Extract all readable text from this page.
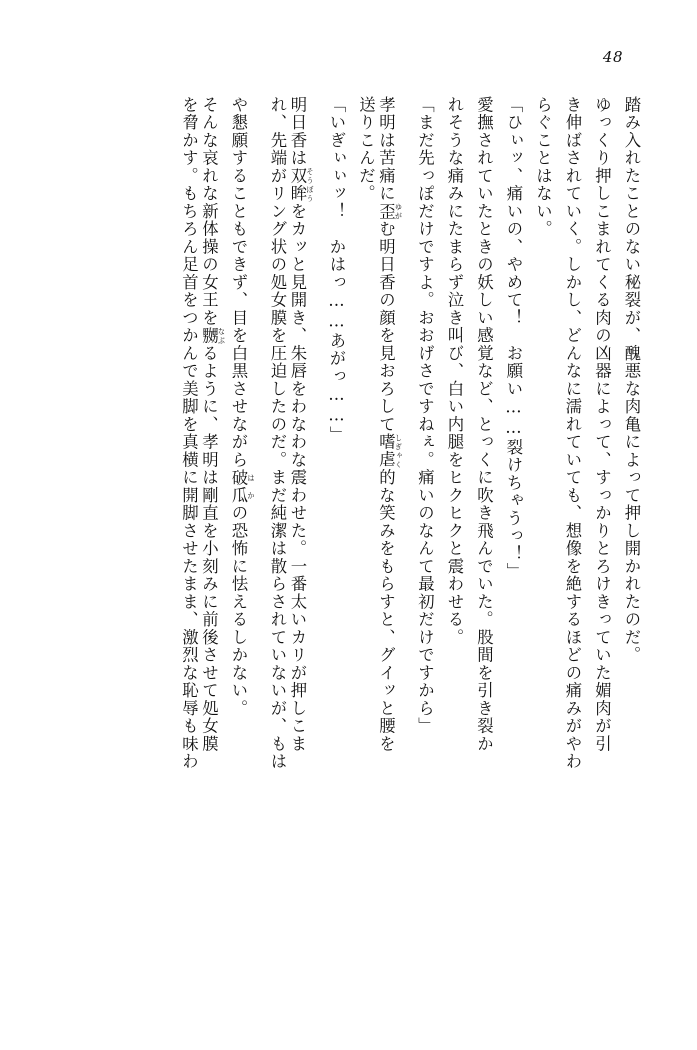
48
踏み入れたことのない秘裂が、醜悪な肉亀によって押し開かれたのだ。
ゆっくり押しこまれてくる肉の凶器によって、すっかりとろけきっていた媚肉が引
き伸ばされていく。しかし、どんなに濡れていても、想像を絶するほどの痛みがやわ
らぐことはない。
「ひぃッ、痛いの、やめて！　お願い……裂けちゃうっ！」
愛撫されていたときの妖しい感覚など、とっくに吹き飛んでいた。股間を引き裂か
れそうな痛みにたまらず泣き叫び、白い内腿をヒクヒクと震わせる。
「まだ先っぽだけですよ。おおげさですねぇ。痛いのなんて最初だけですから」
孝明は苦痛に歪 ゆがむ明日香の顔を見おろして嗜虐 しぎゃく的な笑みをもらすと、グイッと腰を
送りこんだ。
「いぎぃぃッ！　かはっ……あがっ……」
明日香は双眸 そうぼうをカッと見開き、朱唇をわなわな震わせた。一番太いカリが押しこま
れ、先端がリング状の処女膜を圧迫したのだ。まだ純潔は散らされていないが、もは
や懇願することもできず、目を白黒させながら破瓜 はかの恐怖に怯えるしかない。
そんな哀れな新体操の女王を嬲 なぶるように、孝明は剛直を小刻みに前後させて処女膜
を脅かす。もちろん足首をつかんで美脚を真横に開脚させたまま、激烈な恥辱も味わ
